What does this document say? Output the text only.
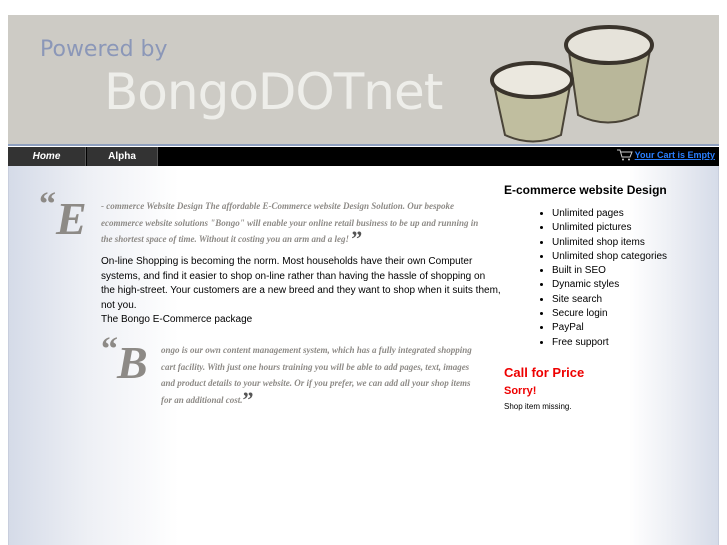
Powered by
BongoDOTnet
Home	Alpha	Your Cart is Empty
“ E - commerce Website Design The affordable E-Commerce website Design Solution. Our bespoke ecommerce website solutions "Bongo" will enable your online retail business to be up and running in the shortest space of time. Without it costing you an arm and a leg! ”
On-line Shopping is becoming the norm. Most households have their own Computer systems, and find it easier to shop on-line rather than having the hassle of shopping on the high-street. Your customers are a new breed and they want to shop when it suits them, not you.
The Bongo E-Commerce package
“ B ongo is our own content management system, which has a fully integrated shopping cart facility. With just one hours training you will be able to add pages, text, images and product details to your website. Or if you prefer, we can add all your shop items for an additional cost.”
E-commerce website Design
• Unlimited pages
• Unlimited pictures
• Unlimited shop items
• Unlimited shop categories
• Built in SEO
• Dynamic styles
• Site search
• Secure login
• PayPal
• Free support
Call for Price
Sorry!
Shop item missing.
